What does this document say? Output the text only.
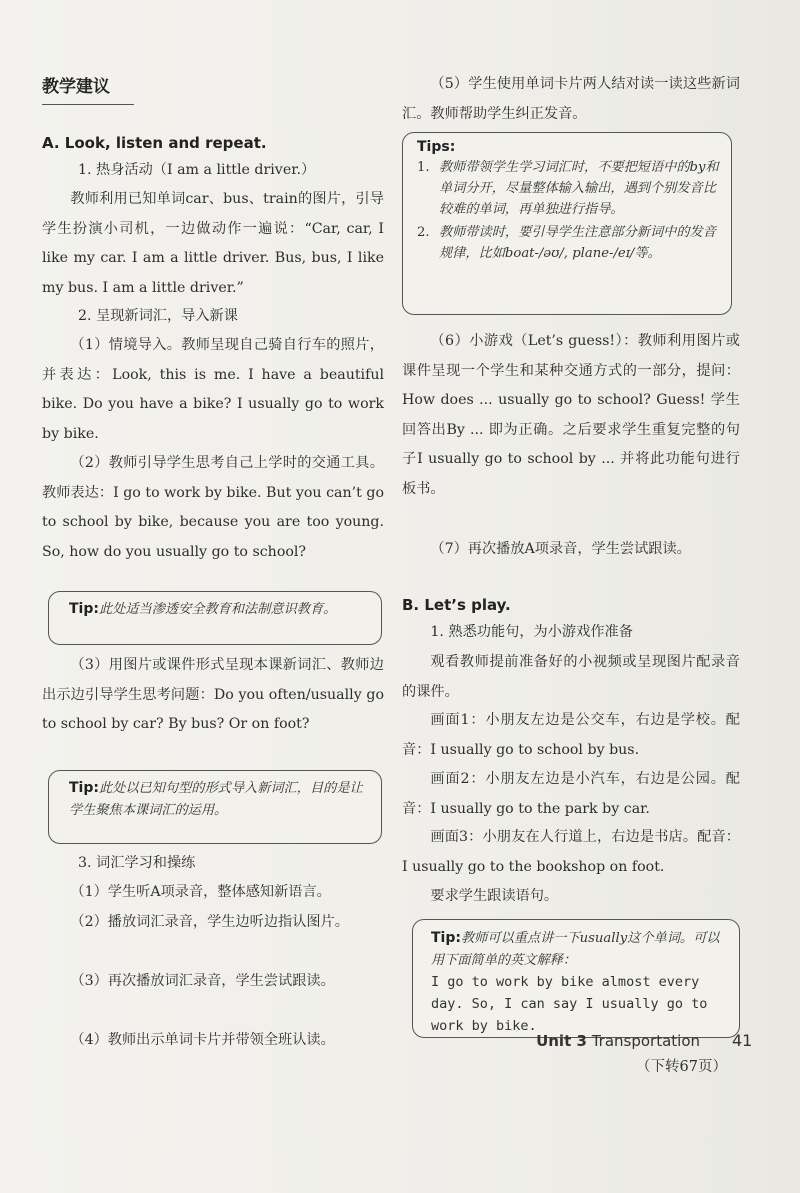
教学建议
A. Look, listen and repeat.

1. 热身活动（I am a little driver.）

教师利用已知单词car、bus、train的图片，引导学生扮演小司机，一边做动作一遍说：“Car, car, I like my car. I am a little driver. Bus, bus, I like my bus. I am a little driver.”

2. 呈现新词汇，导入新课

（1）情境导入。教师呈现自己骑自行车的照片，并表达：Look, this is me. I have a beautiful bike. Do you have a bike? I usually go to work by bike.

（2）教师引导学生思考自己上学时的交通工具。教师表达：I go to work by bike. But you can’t go to school by bike, because you are too young. So, how do you usually go to school?

Tip:此处适当渗透安全教育和法制意识教育。

（3）用图片或课件形式呈现本课新词汇、教师边出示边引导学生思考问题：Do you often/usually go to school by car? By bus? Or on foot?

Tip:此处以已知句型的形式导入新词汇，目的是让学生聚焦本课词汇的运用。

3. 词汇学习和操练

（1）学生听A项录音，整体感知新语言。

（2）播放词汇录音，学生边听边指认图片。

（3）再次播放词汇录音，学生尝试跟读。

（4）教师出示单词卡片并带领全班认读。

（5）学生使用单词卡片两人结对读一读这些新词汇。教师帮助学生纠正发音。

Tips:
1. 教师带领学生学习词汇时，不要把短语中的by和单词分开，尽量整体输入输出，遇到个别发音比较难的单词，再单独进行指导。
2. 教师带读时，要引导学生注意部分新词中的发音规律，比如boat-/əʊ/, plane-/eɪ/等。

（6）小游戏（Let’s guess!）：教师利用图片或课件呈现一个学生和某种交通方式的一部分，提问：How does ... usually go to school? Guess! 学生回答出By ... 即为正确。之后要求学生重复完整的句子I usually go to school by ... 并将此功能句进行板书。

（7）再次播放A项录音，学生尝试跟读。

B. Let’s play.

1. 熟悉功能句，为小游戏作准备

观看教师提前准备好的小视频或呈现图片配录音的课件。

画面1：小朋友左边是公交车，右边是学校。配音：I usually go to school by bus.

画面2：小朋友左边是小汽车，右边是公园。配音：I usually go to the park by car.

画面3：小朋友在人行道上，右边是书店。配音：I usually go to the bookshop on foot.

要求学生跟读语句。

Tip:教师可以重点讲一下usually这个单词。可以用下面简单的英文解释：
I go to work by bike almost every day. So, I can say I usually go to work by bike.
（下转67页）
Unit 3 Transportation 41
